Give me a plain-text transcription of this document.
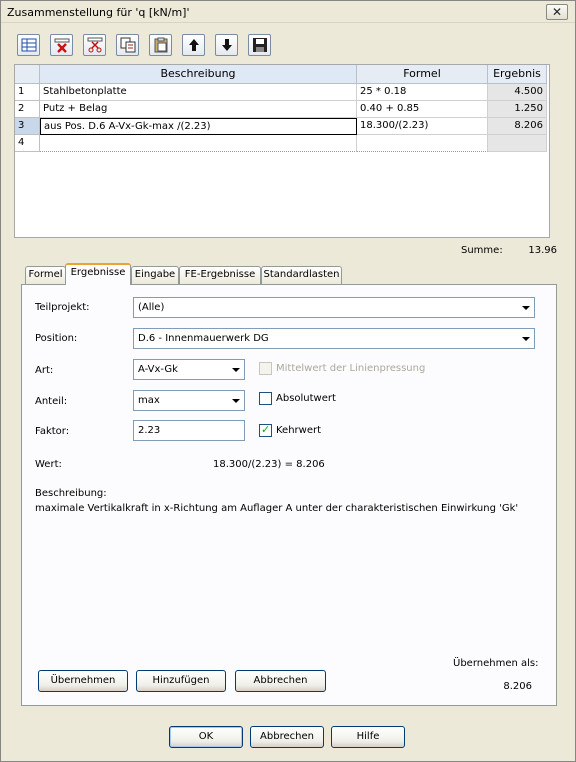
Zusammenstellung für 'q [kN/m]'	✕
Beschreibung	Formel	Ergebnis
1	Stahlbetonplatte	25 * 0.18	4.500
2	Putz + Belag	0.40 + 0.85	1.250
3	aus Pos. D.6 A-Vx-Gk-max /(2.23)	18.300/(2.23)	8.206
4
Summe:	13.96
Formel Ergebnisse Eingabe FE-Ergebnisse Standardlasten
Teilprojekt:	(Alle)
Position:	D.6 - Innenmauerwerk DG
Art:	A-Vx-Gk	Mittelwert der Linienpressung
Anteil:	max	Absolutwert
Faktor:	2.23	✓ Kehrwert
Wert:	18.300/(2.23) = 8.206
Beschreibung:
maximale Vertikalkraft in x-Richtung am Auflager A unter der charakteristischen Einwirkung 'Gk'
Übernehmen als:
8.206
Übernehmen	Hinzufügen	Abbrechen
OK	Abbrechen	Hilfe
